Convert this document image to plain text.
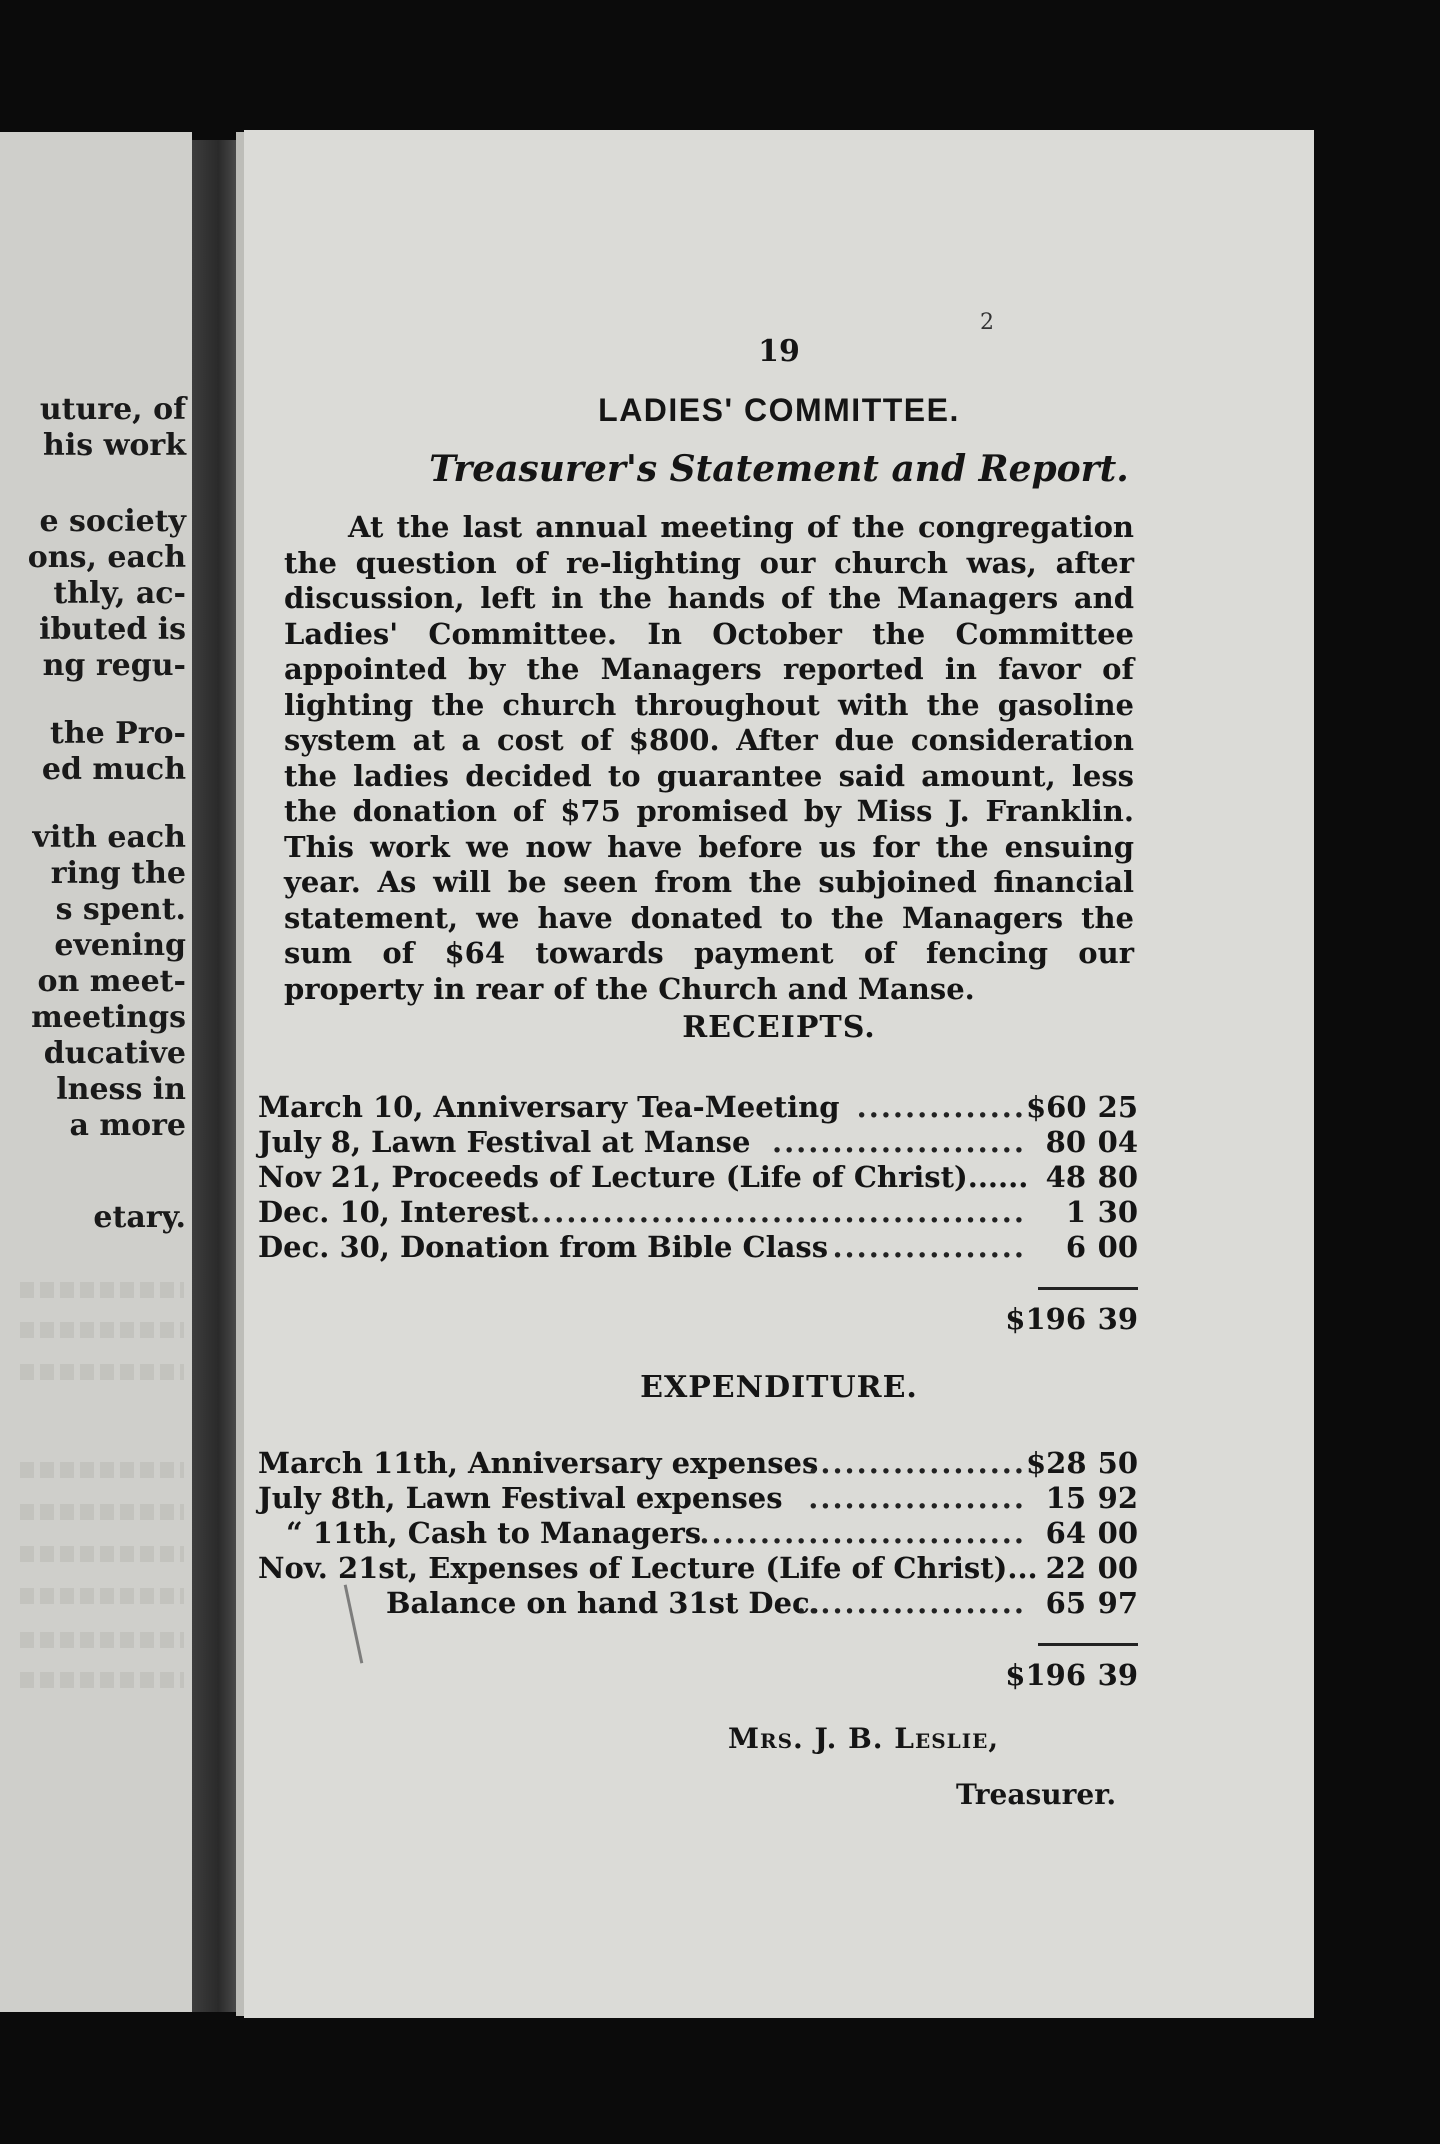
uture, of
his work
e society
ons, each
thly, ac-
ibuted is
ng regu-
the Pro-
ed much
vith each
ring the
s spent.
evening
on meet-
meetings
ducative
lness in
a more
etary.
2
19
LADIES' COMMITTEE.
Treasurer's Statement and Report.
At the last annual meeting of the congregation the question of re-lighting our church was, after discussion, left in the hands of the Managers and Ladies' Committee. In October the Committee appointed by the Managers reported in favor of lighting the church throughout with the gasoline system at a cost of $800. After due consideration the ladies decided to guarantee said amount, less the donation of $75 promised by Miss J. Franklin. This work we now have before us for the ensuing year. As will be seen from the subjoined financial statement, we have donated to the Managers the sum of $64 towards payment of fencing our property in rear of the Church and Manse.
RECEIPTS.
March 10, Anniversary Tea-Meeting .............. $60 25
July 8, Lawn Festival at Manse ..................... 80 04
Nov 21, Proceeds of Lecture (Life of Christ)...... 48 80
Dec. 10, Interest
...........................................	1 30
Dec. 30, Donation from Bible Class ................	6 00
$196 39
EXPENDITURE.
March 11th, Anniversary expenses
.................. $28 50
July 8th, Lawn Festival expenses .................. 15 92
“ 11th, Cash to Managers
........................... 64 00
Nov. 21st, Expenses of Lecture (Life of Christ)... 22 00
Balance on hand 31st Dec.
................... 65 97
$196 39
Mrs. J. B. Leslie,
Treasurer.
